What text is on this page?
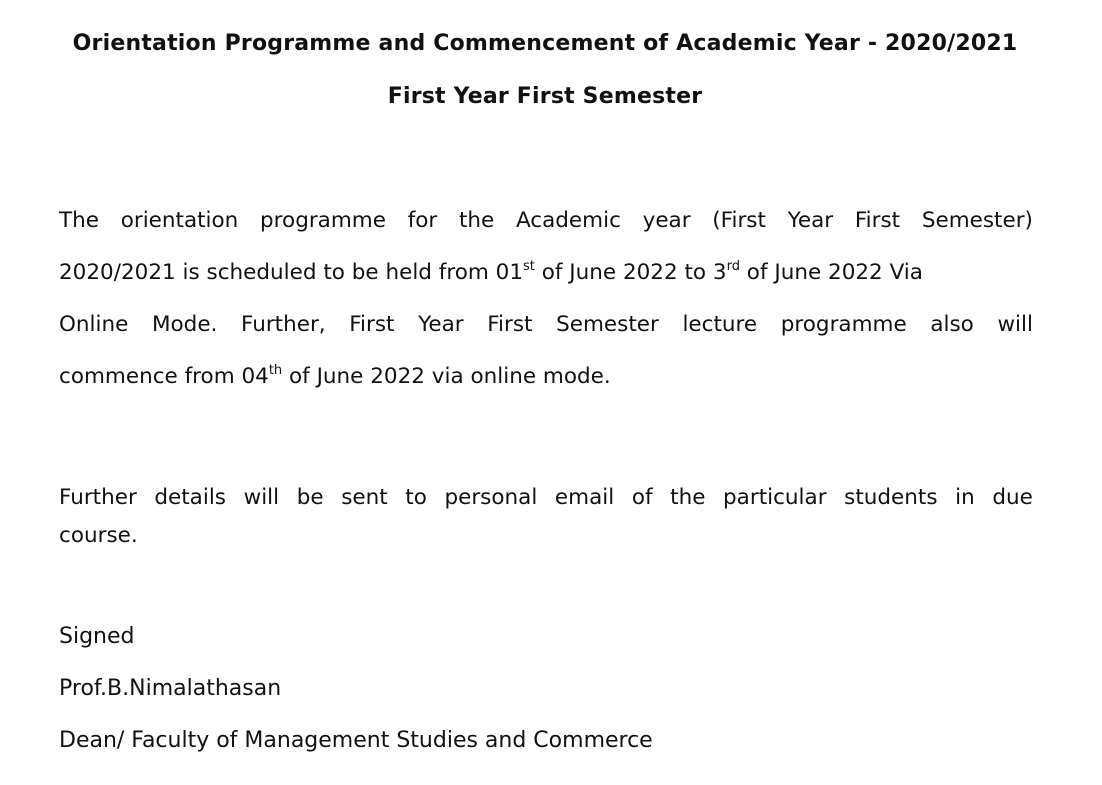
Orientation Programme and Commencement of Academic Year - 2020/2021
First Year First Semester
The orientation programme for the Academic year (First Year First Semester)
2020/2021 is scheduled to be held from 01st of June 2022 to 3rd of June 2022 Via
Online Mode. Further, First Year First Semester lecture programme also will
commence from 04th of June 2022 via online mode.
Further details will be sent to personal email of the particular students in due
course.
Signed
Prof.B.Nimalathasan
Dean/ Faculty of Management Studies and Commerce
